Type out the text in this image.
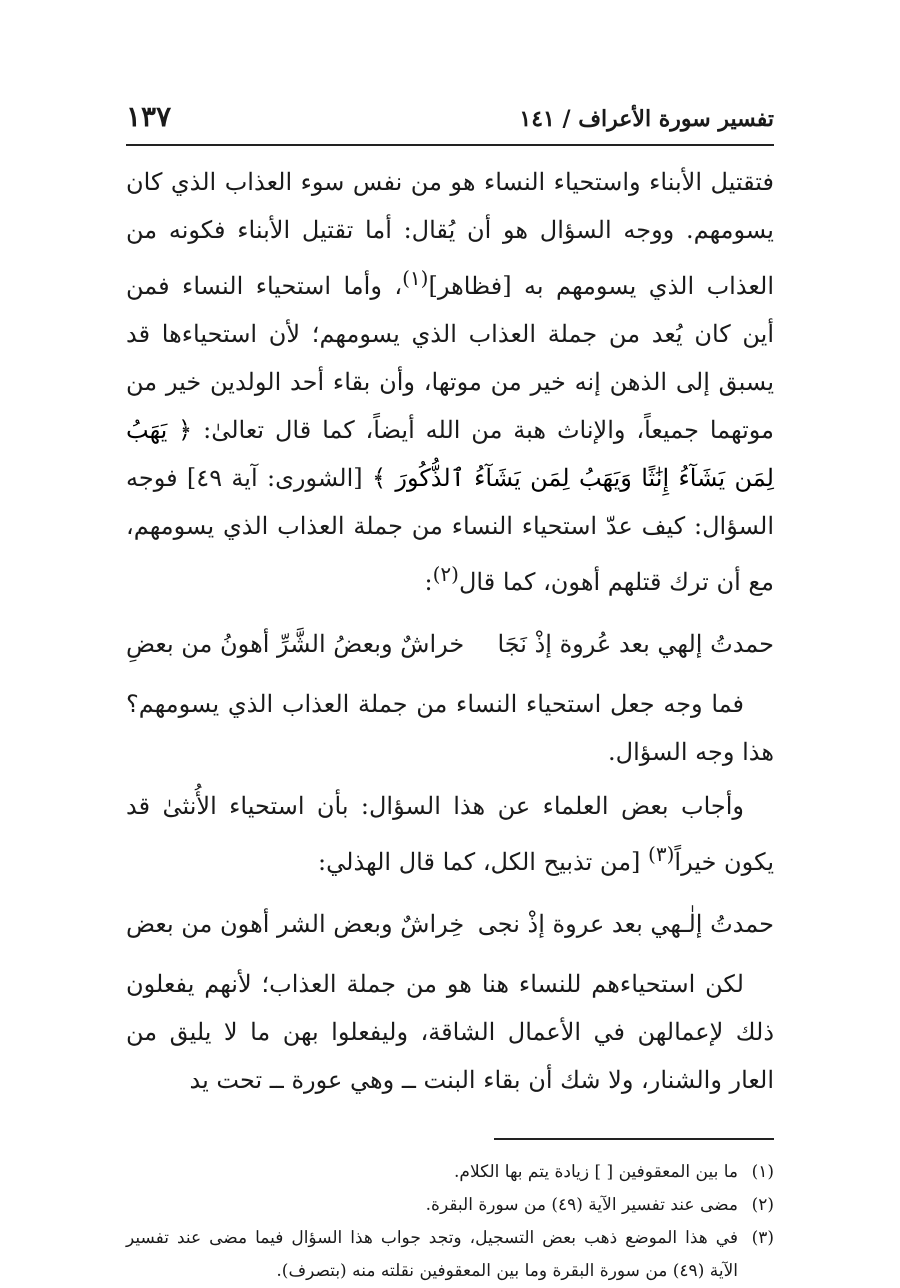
تفسير سورة الأعراف / ١٤١
١٣٧

فتقتيل الأبناء واستحياء النساء هو من نفس سوء العذاب الذي كان يسومهم. ووجه السؤال هو أن يُقال: أما تقتيل الأبناء فكونه من العذاب الذي يسومهم به [فظاهر]$^{(١)}$، وأما استحياء النساء فمن أين كان يُعد من جملة العذاب الذي يسومهم؛ لأن استحياءها قد يسبق إلى الذهن إنه خير من موتها، وأن بقاء أحد الولدين خير من موتهما جميعاً، والإناث هبة من الله أيضاً، كما قال تعالىٰ: ﴿ يَهَبُ لِمَن يَشَآءُ إِنَٰثًا وَيَهَبُ لِمَن يَشَآءُ ٱلذُّكُورَ ﴾ [الشورى: آية ٤٩] فوجه السؤال: كيف عدّ استحياء النساء من جملة العذاب الذي يسومهم، مع أن ترك قتلهم أهون، كما قال$^{(٢)}$:

حمدتُ إلهي بعد عُروة إذْ نَجَا
خراشٌ وبعضُ الشَّرِّ أهونُ من بعضِ

فما وجه جعل استحياء النساء من جملة العذاب الذي يسومهم؟ هذا وجه السؤال.

وأجاب بعض العلماء عن هذا السؤال: بأن استحياء الأُنثىٰ قد يكون خيراً$^{(٣)}$ [من تذبيح الكل، كما قال الهذلي:

حمدتُ إلٰـهي بعد عروة إذْ نجى
خِراشٌ وبعض الشر أهون من بعض

لكن استحياءهم للنساء هنا هو من جملة العذاب؛ لأنهم يفعلون ذلك لإعمالهن في الأعمال الشاقة، وليفعلوا بهن ما لا يليق من العار والشنار، ولا شك أن بقاء البنت ــ وهي عورة ــ تحت يد

(١)
ما بين المعقوفين [ ] زيادة يتم بها الكلام.

(٢)
مضى عند تفسير الآية (٤٩) من سورة البقرة.

(٣)
في هذا الموضع ذهب بعض التسجيل، وتجد جواب هذا السؤال فيما مضى عند تفسير الآية (٤٩) من سورة البقرة وما بين المعقوفين نقلته منه (بتصرف).
